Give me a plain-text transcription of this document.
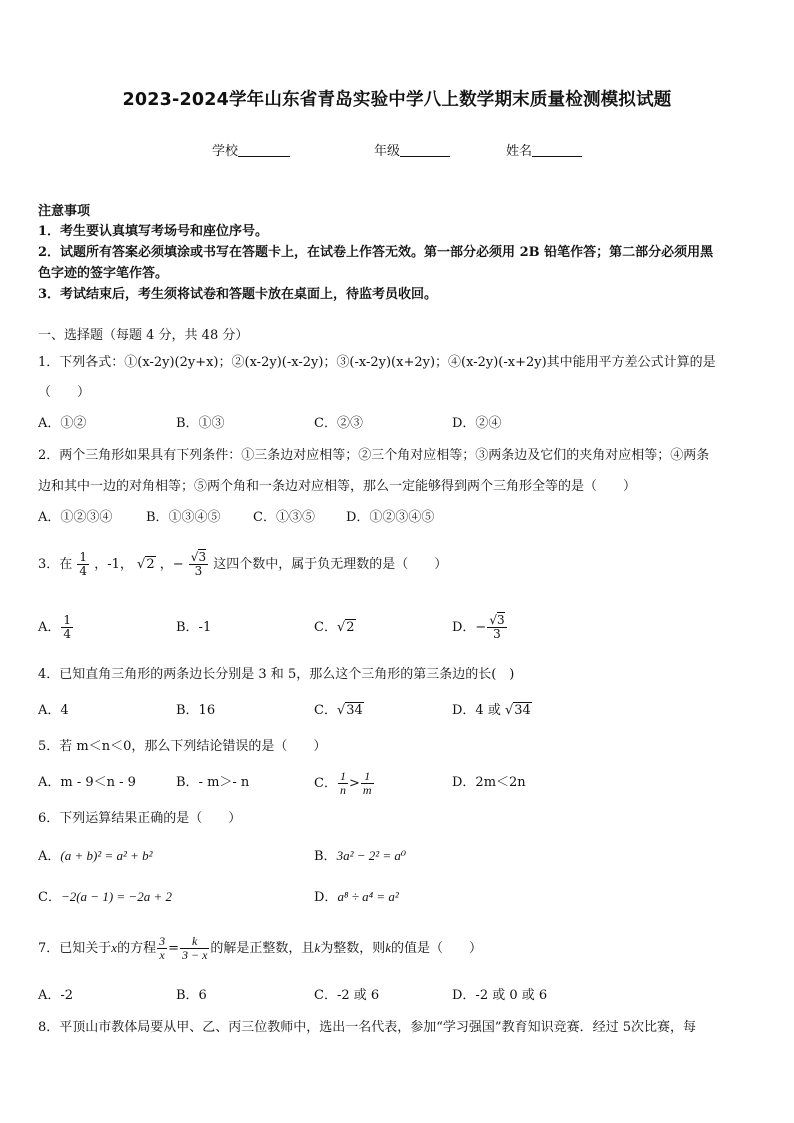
2023-2024学年山东省青岛实验中学八上数学期末质量检测模拟试题
学校	年级	姓名
注意事项
1．考生要认真填写考场号和座位序号。
2．试题所有答案必须填涂或书写在答题卡上，在试卷上作答无效。第一部分必须用 2B 铅笔作答；第二部分必须用黑
色字迹的签字笔作答。
3．考试结束后，考生须将试卷和答题卡放在桌面上，待监考员收回。
一、选择题（每题 4 分，共 48 分）
1．下列各式：①(x-2y)(2y+x)；②(x-2y)(-x-2y)；③(-x-2y)(x+2y)；④(x-2y)(-x+2y)其中能用平方差公式计算的是
（　　）
A．①②	B．①③	C．②③	D．②④
2．两个三角形如果具有下列条件：①三条边对应相等；②三个角对应相等；③两条边及它们的夹角对应相等；④两条
边和其中一边的对角相等；⑤两个角和一条边对应相等，那么一定能够得到两个三角形全等的是（　　）
A．①②③④	B．①③④⑤ C．①③⑤ D．①②③④⑤
3．在 $\frac{1}{4}$ ，-1， √2 ，− $\frac{√3}{3}$ 这四个数中，属于负无理数的是（　　）
A． $\frac{1}{4}$	B．-1	C．√2	D．− $\frac{√3}{3}$
4．已知直角三角形的两条边长分别是 3 和 5，那么这个三角形的第三条边的长(　)
A．4	B．16	C．√34	D．4 或 √34
5．若 m＜n＜0，那么下列结论错误的是（　　）
A．m - 9＜n - 9	B．- m＞- n	C． $\frac{1}{n} > \frac{1}{m}$	D．2m＜2n
6．下列运算结果正确的是（　　）
A．(a + b)² = a² + b²	B．3a² − 2² = a⁰
C．−2(a − 1) = −2a + 2	D．a⁸ ÷ a⁴ = a²
7．已知关于x的方程 $\frac{3}{x} = \frac{k}{3 - x}$ 的解是正整数，且k为整数，则k的值是（　　）
A．-2	B．6	C．-2 或 6	D．-2 或 0 或 6
8．平顶山市教体局要从甲、乙、丙三位教师中，选出一名代表，参加“学习强国”教育知识竞赛．经过 5次比赛，每
